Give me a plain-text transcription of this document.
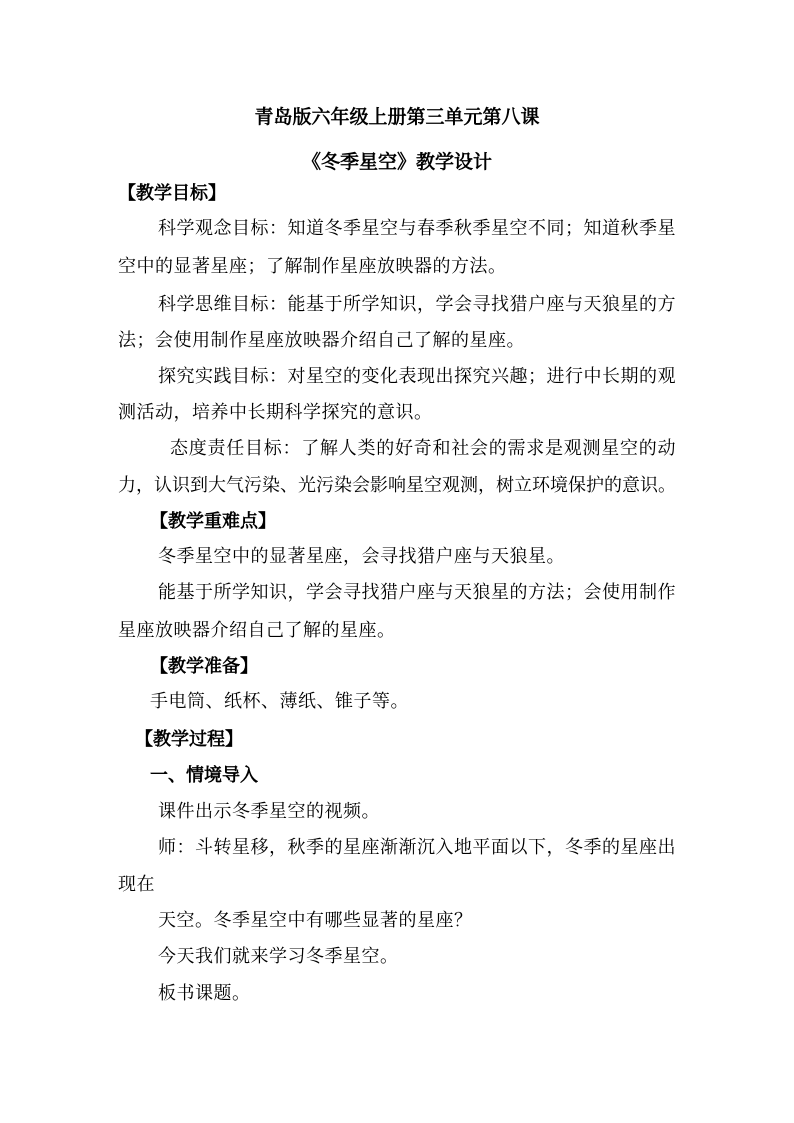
青岛版六年级上册第三单元第八课
《冬季星空》教学设计
【教学目标】
科学观念目标：知道冬季星空与春季秋季星空不同；知道秋季星
空中的显著星座；了解制作星座放映器的方法。
科学思维目标：能基于所学知识，学会寻找猎户座与天狼星的方
法；会使用制作星座放映器介绍自己了解的星座。
探究实践目标：对星空的变化表现出探究兴趣；进行中长期的观
测活动，培养中长期科学探究的意识。
态度责任目标：了解人类的好奇和社会的需求是观测星空的动
力，认识到大气污染、光污染会影响星空观测，树立环境保护的意识。
【教学重难点】
冬季星空中的显著星座，会寻找猎户座与天狼星。
能基于所学知识，学会寻找猎户座与天狼星的方法；会使用制作
星座放映器介绍自己了解的星座。
【教学准备】
手电筒、纸杯、薄纸、锥子等。
【教学过程】
一、情境导入
课件出示冬季星空的视频。
师：斗转星移，秋季的星座渐渐沉入地平面以下，冬季的星座出
现在
天空。冬季星空中有哪些显著的星座？
今天我们就来学习冬季星空。
板书课题。
